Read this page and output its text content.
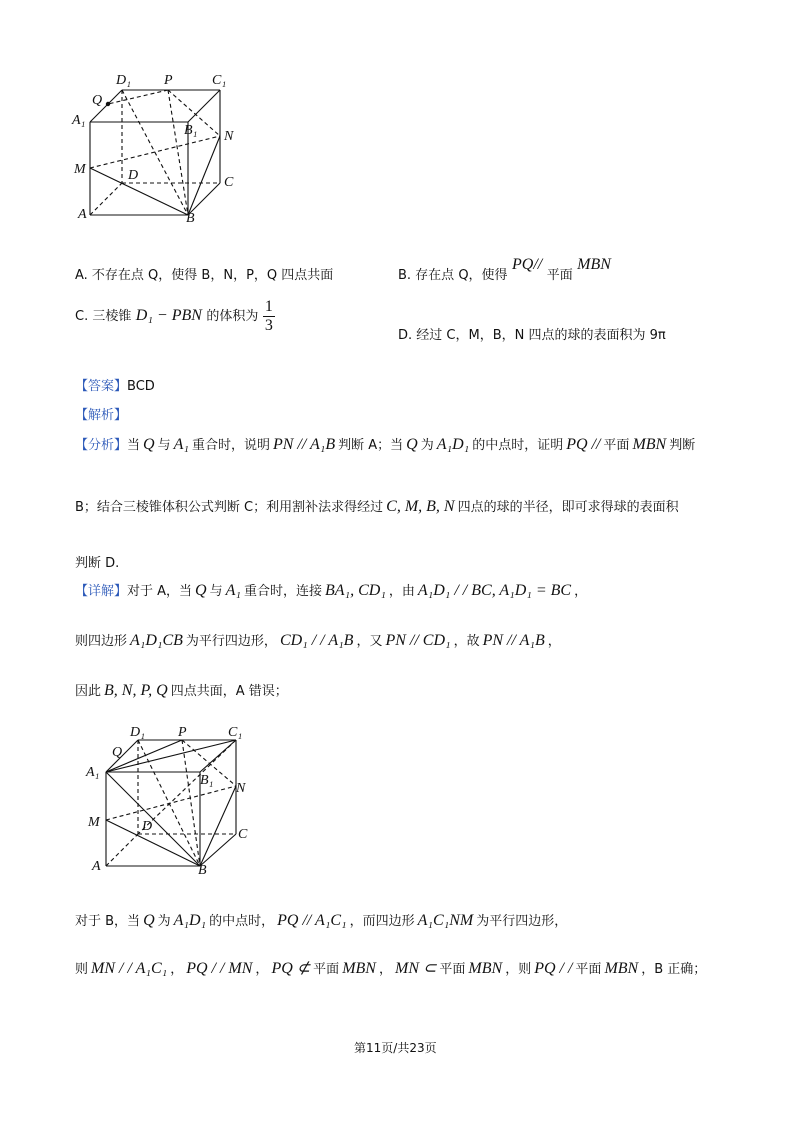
D₁ P	C₁
Q
A₁
B₁ N
M	D	C
A	B
A. 不存在点 Q，使得 B，N，P，Q 四点共面	B. 存在点 Q，使得 PQ// 平面 MBN
C. 三棱锥 D₁ − PBN 的体积为 $\frac{1}{3}$
D. 经过 C，M，B，N 四点的球的表面积为 9π
【答案】BCD
【解析】
【分析】当 Q 与 A₁ 重合时，说明 PN // A₁B 判断 A；当 Q 为 A₁D₁ 的中点时，证明 PQ // 平面 MBN 判断
B；结合三棱锥体积公式判断 C；利用割补法求得经过 C, M, B, N 四点的球的半径，即可求得球的表面积
判断 D.
【详解】对于 A，当 Q 与 A₁ 重合时，连接 BA₁, CD₁ ，由 A₁D₁ / / BC, A₁D₁ = BC ，
则四边形 A₁D₁CB 为平行四边形， CD₁ / / A₁B ，又 PN // CD₁ ，故 PN // A₁B ，
因此 B, N, P, Q 四点共面，A 错误；
D₁ P	C₁
Q
A₁
B₁
N
M	D
C
A	B
对于 B，当 Q 为 A₁D₁ 的中点时， PQ // A₁C₁ ，而四边形 A₁C₁NM 为平行四边形，
则 MN / / A₁C₁ ， PQ / / MN ， PQ ⊄ 平面 MBN ， MN ⊂ 平面 MBN ，则 PQ / / 平面 MBN ，B 正确；
第11页/共23页
